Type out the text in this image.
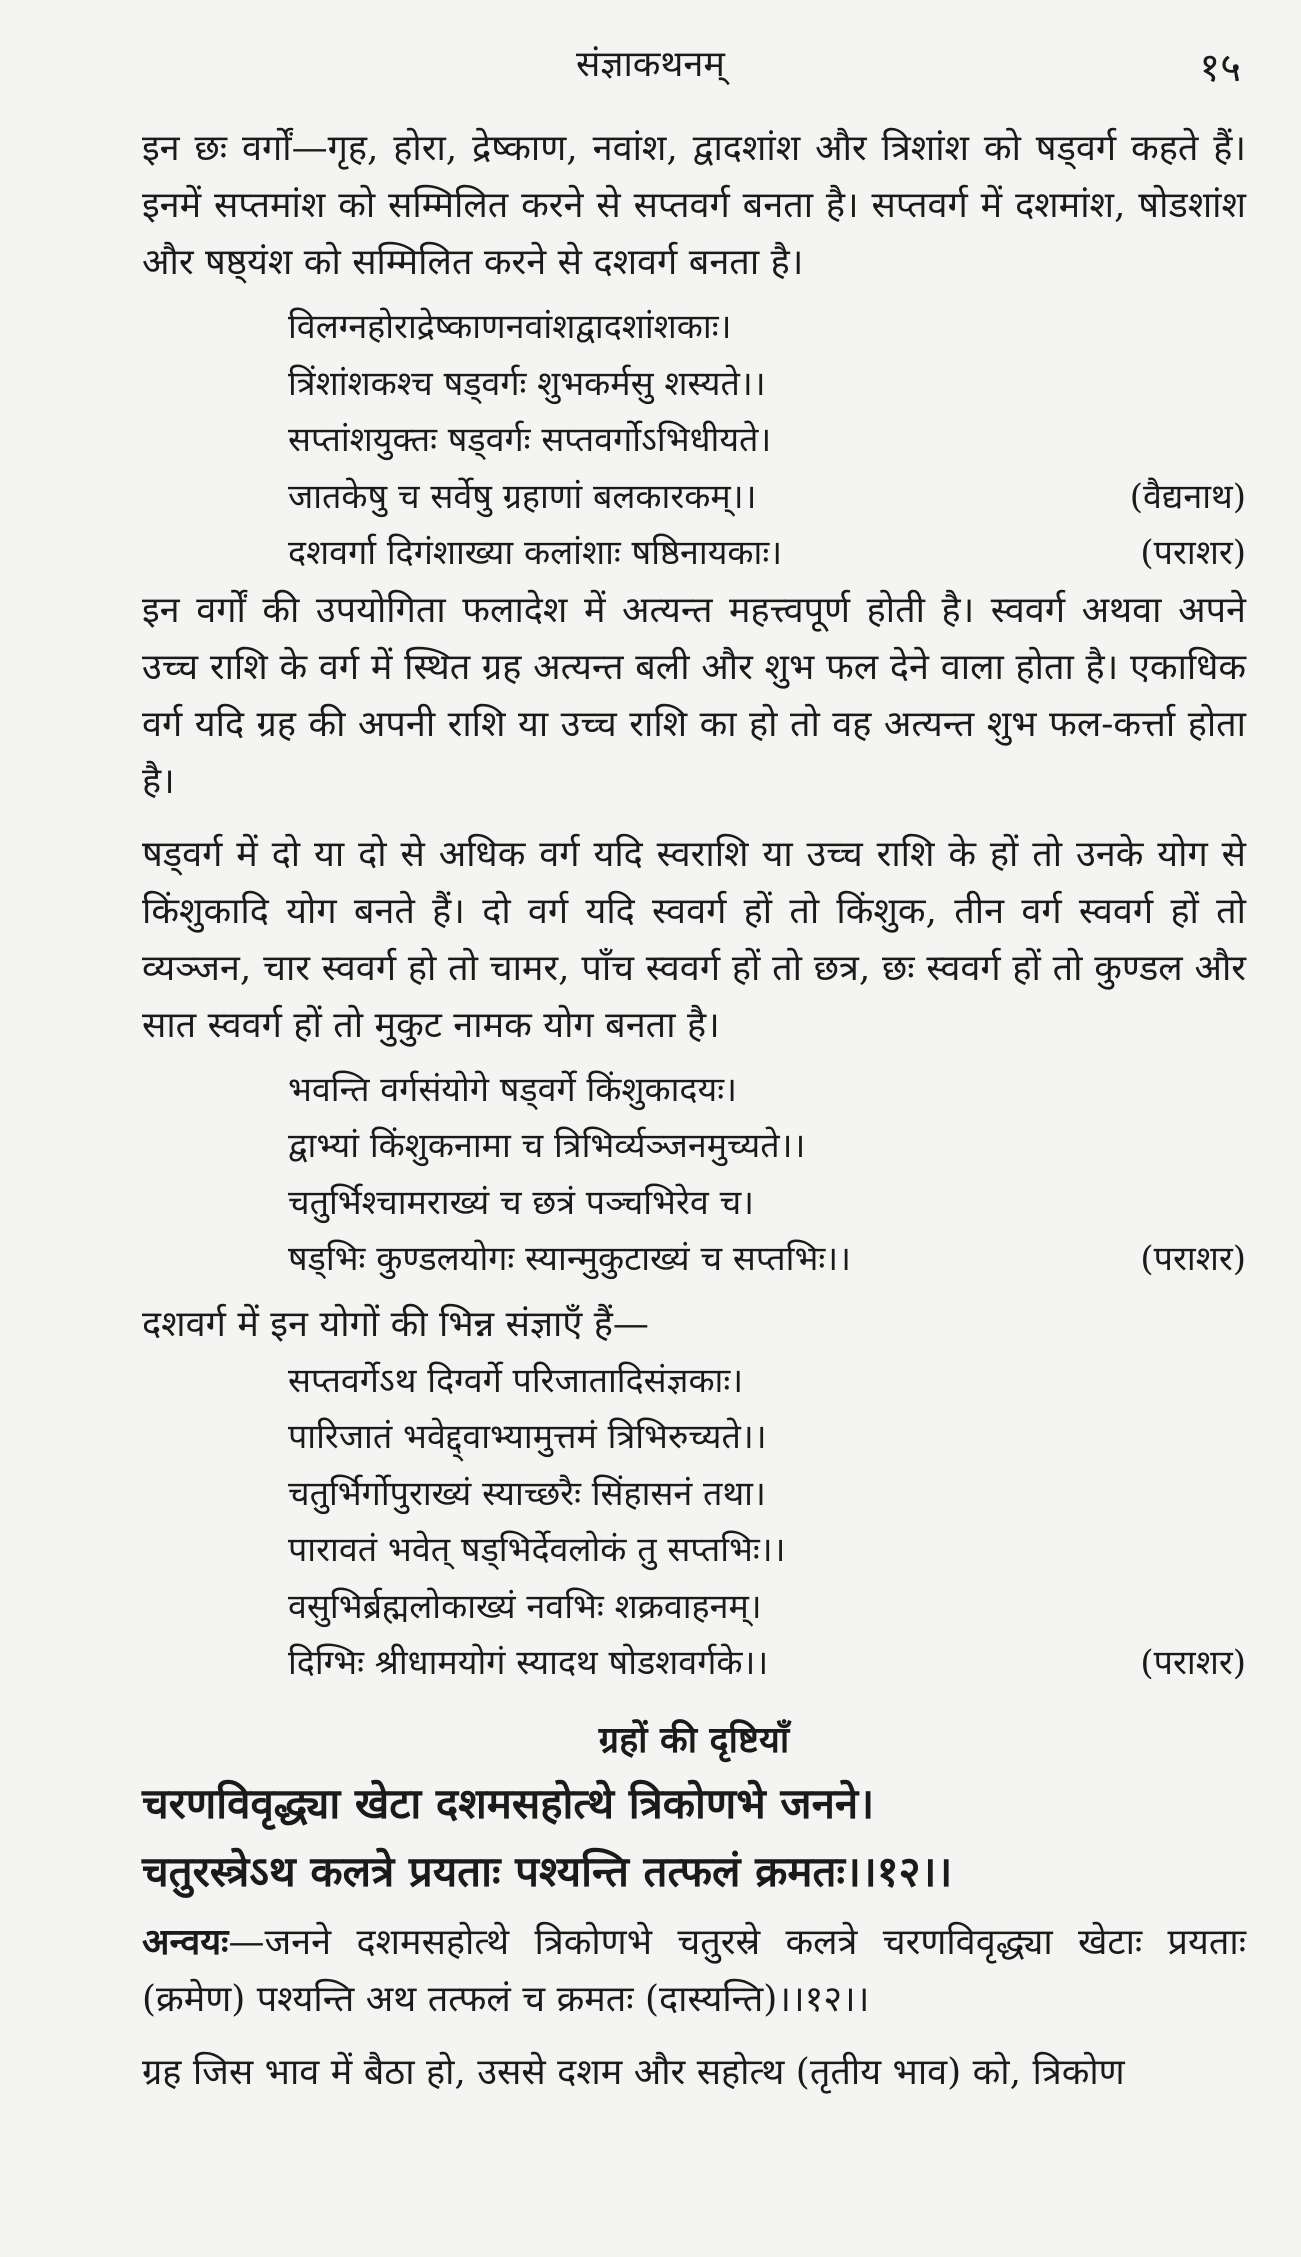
संज्ञाकथनम्	१५

इन छः वर्गों—गृह, होरा, द्रेष्काण, नवांश, द्वादशांश और त्रिशांश को षड्वर्ग कहते हैं। इनमें सप्तमांश को सम्मिलित करने से सप्तवर्ग बनता है। सप्तवर्ग में दशमांश, षोडशांश और षष्ठ्यंश को सम्मिलित करने से दशवर्ग बनता है।

विलग्नहोराद्रेष्काणनवांशद्वादशांशकाः।
त्रिंशांशकश्च षड्वर्गः शुभकर्मसु शस्यते।।
सप्तांशयुक्तः षड्वर्गः सप्तवर्गोऽभिधीयते।
जातकेषु च सर्वेषु ग्रहाणां बलकारकम्।।	(वैद्यनाथ)
दशवर्गा दिगंशाख्या कलांशाः षष्ठिनायकाः।	(पराशर)

इन वर्गों की उपयोगिता फलादेश में अत्यन्त महत्त्वपूर्ण होती है। स्ववर्ग अथवा अपने उच्च राशि के वर्ग में स्थित ग्रह अत्यन्त बली और शुभ फल देने वाला होता है। एकाधिक वर्ग यदि ग्रह की अपनी राशि या उच्च राशि का हो तो वह अत्यन्त शुभ फल-कर्त्ता होता है।

षड्वर्ग में दो या दो से अधिक वर्ग यदि स्वराशि या उच्च राशि के हों तो उनके योग से किंशुकादि योग बनते हैं। दो वर्ग यदि स्ववर्ग हों तो किंशुक, तीन वर्ग स्ववर्ग हों तो व्यञ्जन, चार स्ववर्ग हो तो चामर, पाँच स्ववर्ग हों तो छत्र, छः स्ववर्ग हों तो कुण्डल और सात स्ववर्ग हों तो मुकुट नामक योग बनता है।

भवन्ति वर्गसंयोगे षड्वर्गे किंशुकादयः।
द्वाभ्यां किंशुकनामा च त्रिभिर्व्यञ्जनमुच्यते।।
चतुर्भिश्चामराख्यं च छत्रं पञ्चभिरेव च।
षड्भिः कुण्डलयोगः स्यान्मुकुटाख्यं च सप्तभिः।।	(पराशर)

दशवर्ग में इन योगों की भिन्न संज्ञाएँ हैं—

सप्तवर्गेऽथ दिग्वर्गे परिजातादिसंज्ञकाः।
पारिजातं भवेद्द्वाभ्यामुत्तमं त्रिभिरुच्यते।।
चतुर्भिर्गोपुराख्यं स्याच्छरैः सिंहासनं तथा।
पारावतं भवेत् षड्भिर्देवलोकं तु सप्तभिः।।
वसुभिर्ब्रह्मलोकाख्यं नवभिः शक्रवाहनम्।
दिग्भिः श्रीधामयोगं स्यादथ षोडशवर्गके।।	(पराशर)
ग्रहों की दृष्टियाँ
चरणविवृद्ध्या खेटा दशमसहोत्थे त्रिकोणभे जनने।
चतुरस्त्रेऽथ कलत्रे प्रयताः पश्यन्ति तत्फलं क्रमतः।।१२।।

अन्वयः—जनने दशमसहोत्थे त्रिकोणभे चतुरस्रे कलत्रे चरणविवृद्ध्या खेटाः प्रयताः (क्रमेण) पश्यन्ति अथ तत्फलं च क्रमतः (दास्यन्ति)।।१२।।

ग्रह जिस भाव में बैठा हो, उससे दशम और सहोत्थ (तृतीय भाव) को, त्रिकोण
